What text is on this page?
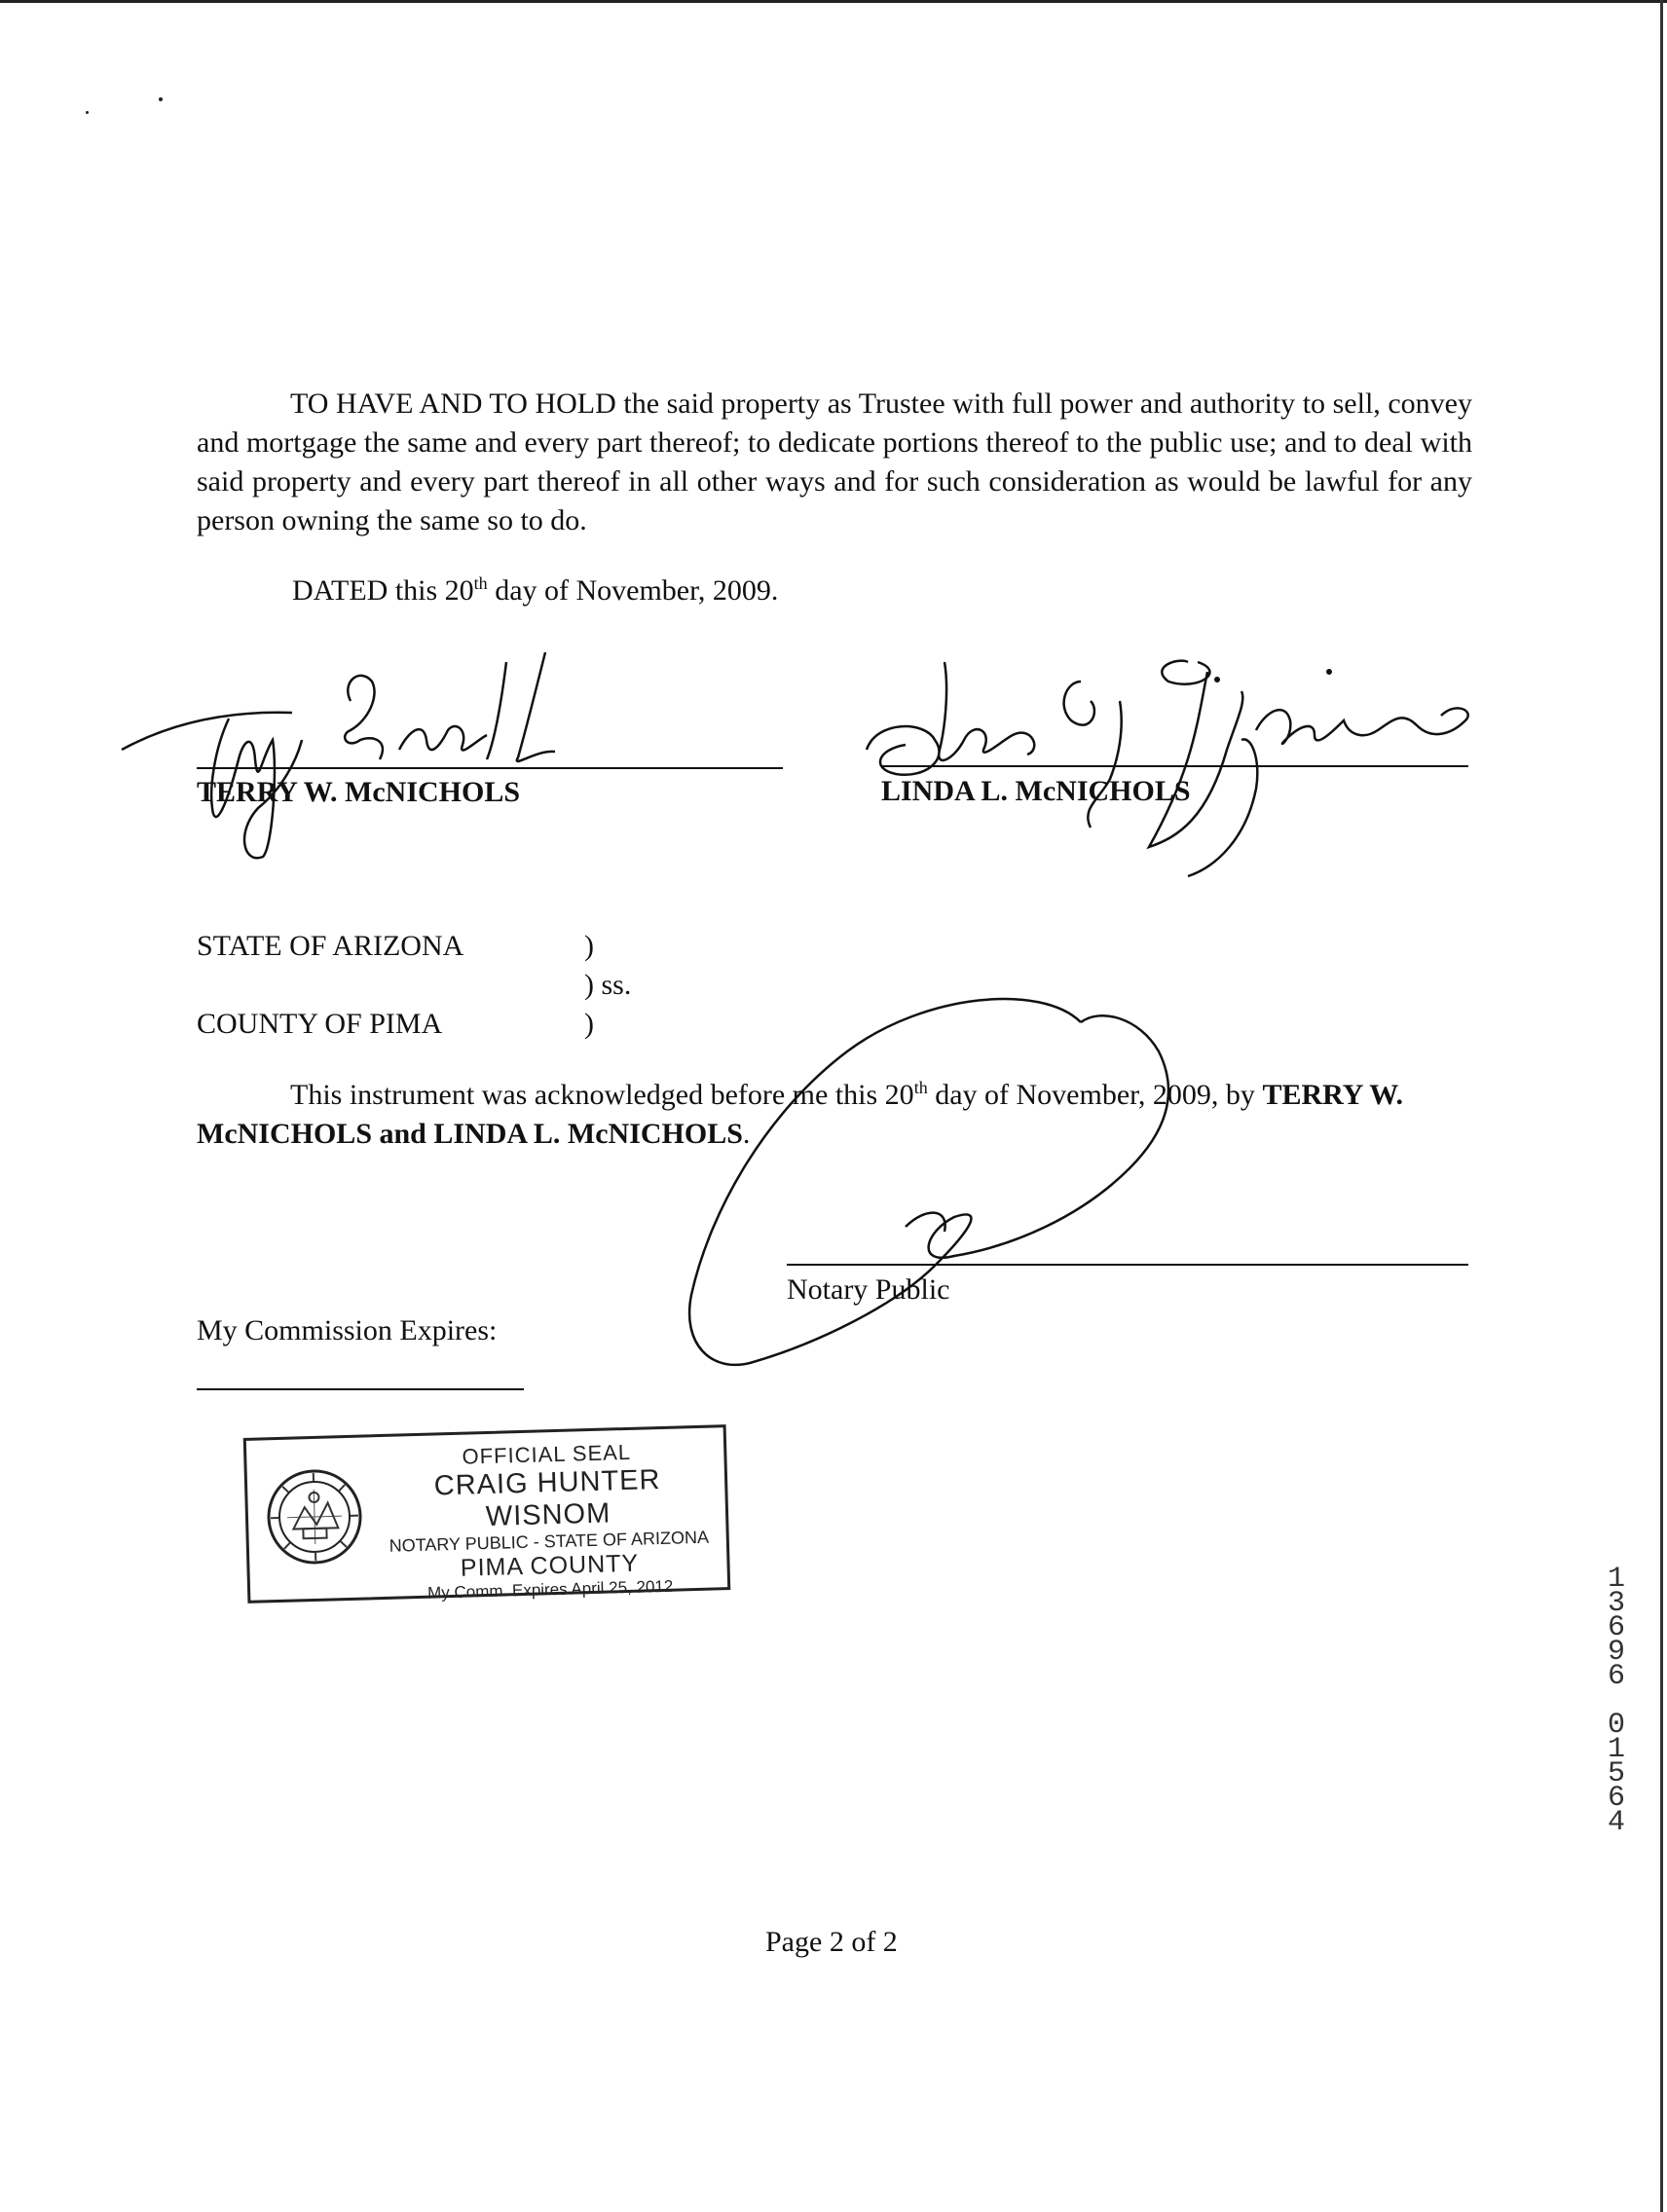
TO HAVE AND TO HOLD the said property as Trustee with full power and authority to sell, convey and mortgage the same and every part thereof; to dedicate portions thereof to the public use; and to deal with said property and every part thereof in all other ways and for such consideration as would be lawful for any person owning the same so to do.
DATED this 20th day of November, 2009.
TERRY W. McNICHOLS	LINDA L. McNICHOLS
STATE OF ARIZONA	)
) ss.
COUNTY OF PIMA	)
This instrument was acknowledged before me this 20th day of November, 2009, by TERRY W. McNICHOLS and LINDA L. McNICHOLS.
Notary Public
My Commission Expires:
OFFICIAL SEAL
CRAIG HUNTER WISNOM
NOTARY PUBLIC - STATE OF ARIZONA
PIMA COUNTY
My Comm. Expires April 25, 2012	1
3
6
9
6

0
1
5
6
4
Page 2 of 2
